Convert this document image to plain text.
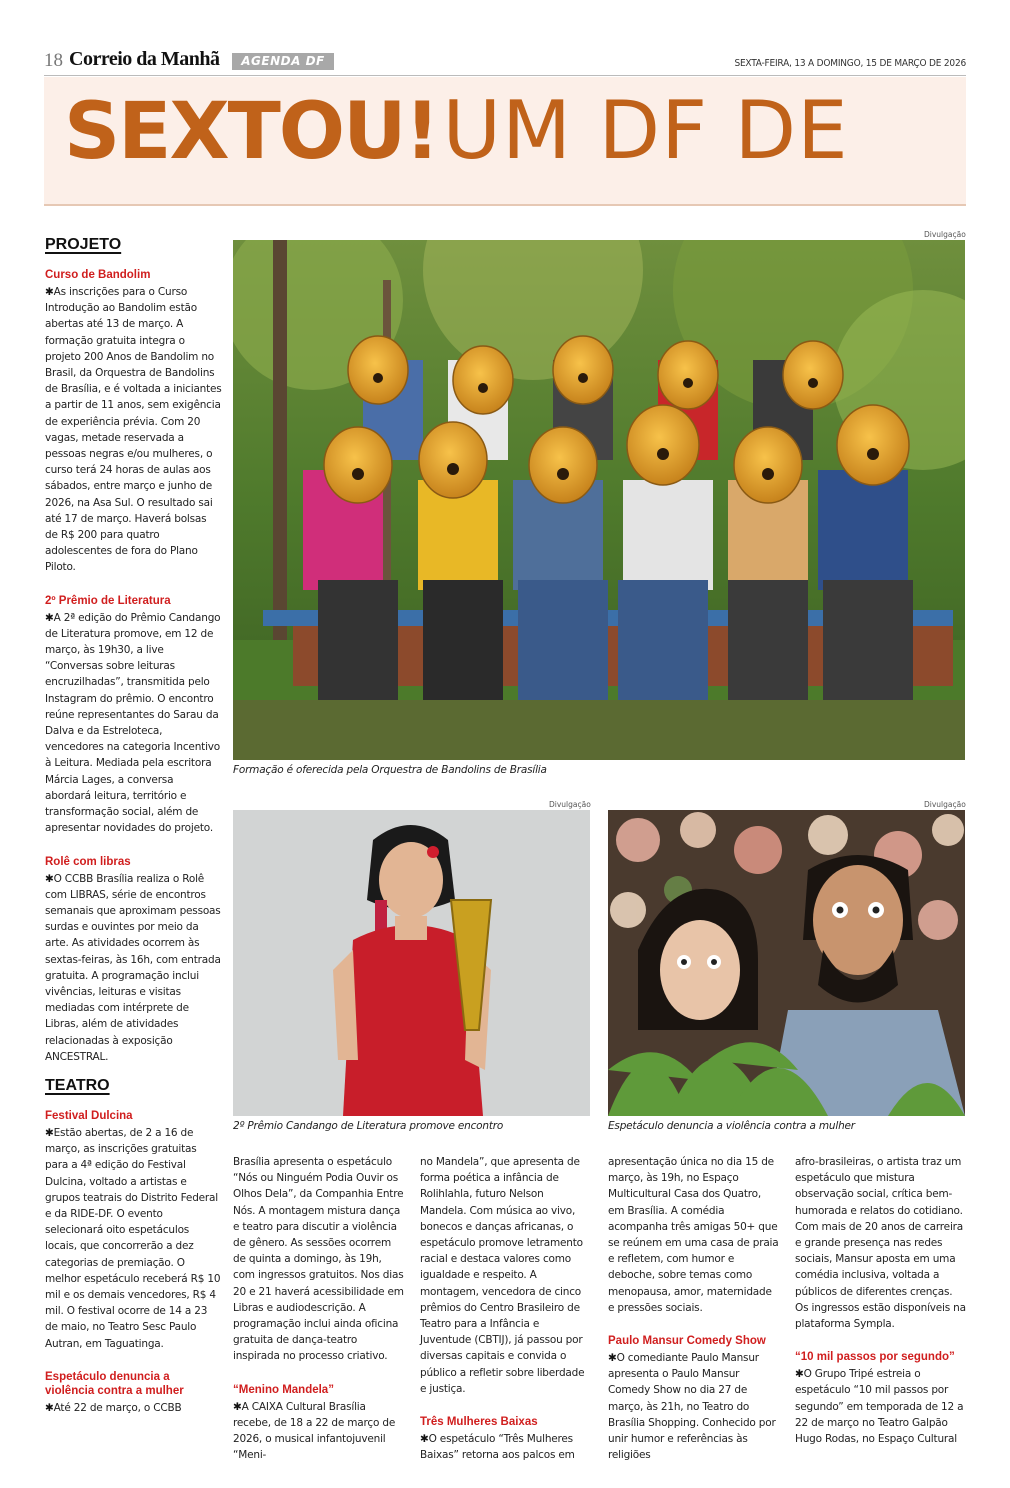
18 Correio da Manhã	AGENDA DF	SEXTA-FEIRA, 13 A DOMINGO, 15 DE MARÇO DE 2026
SEXTOU! UM DF DE
PROJETO
Curso de Bandolim

✱As inscrições para o Curso Introdução ao Bandolim estão abertas até 13 de março. A formação gratuita integra o projeto 200 Anos de Bandolim no Brasil, da Orquestra de Bandolins de Brasília, e é voltada a iniciantes a partir de 11 anos, sem exigência de experiência prévia. Com 20 vagas, metade reservada a pessoas negras e/ou mulheres, o curso terá 24 horas de aulas aos sábados, entre março e junho de 2026, na Asa Sul. O resultado sai até 17 de março. Haverá bolsas de R$ 200 para quatro adolescentes de fora do Plano Piloto.

2º Prêmio de Literatura

✱A 2ª edição do Prêmio Candango de Literatura promove, em 12 de março, às 19h30, a live “Conversas sobre leituras encruzilhadas”, transmitida pelo Instagram do prêmio. O encontro reúne representantes do Sarau da Dalva e da Estreloteca, vencedores na categoria Incentivo à Leitura. Mediada pela escritora Márcia Lages, a conversa abordará leitura, território e transformação social, além de apresentar novidades do projeto.

Rolê com libras

✱O CCBB Brasília realiza o Rolê com LIBRAS, série de encontros semanais que aproximam pessoas surdas e ouvintes por meio da arte. As atividades ocorrem às sextas-feiras, às 16h, com entrada gratuita. A programação inclui vivências, leituras e visitas mediadas com intérprete de Libras, além de atividades relacionadas à exposição ANCESTRAL.

TEATRO
Festival Dulcina

✱Estão abertas, de 2 a 16 de março, as inscrições gratuitas para a 4ª edição do Festival Dulcina, voltado a artistas e grupos teatrais do Distrito Federal e da RIDE-DF. O evento selecionará oito espetáculos locais, que concorrerão a dez categorias de premiação. O melhor espetáculo receberá R$ 10 mil e os demais vencedores, R$ 4 mil. O festival ocorre de 14 a 23 de maio, no Teatro Sesc Paulo Autran, em Taguatinga.

Espetáculo denuncia a violência contra a mulher

✱Até 22 de março, o CCBB

Divulgação
Formação é oferecida pela Orquestra de Bandolins de Brasília
Divulgação
2º Prêmio Candango de Literatura promove encontro
Divulgação
Espetáculo denuncia a violência contra a mulher

Brasília apresenta o espetáculo “Nós ou Ninguém Podia Ouvir os Olhos Dela”, da Companhia Entre Nós. A montagem mistura dança e teatro para discutir a violência de gênero. As sessões ocorrem de quinta a domingo, às 19h, com ingressos gratuitos. Nos dias 20 e 21 haverá acessibilidade em Libras e audiodescrição. A programação inclui ainda oficina gratuita de dança-teatro inspirada no processo criativo.

“Menino Mandela”

✱A CAIXA Cultural Brasília recebe, de 18 a 22 de março de 2026, o musical infantojuvenil “Meni-

no Mandela”, que apresenta de forma poética a infância de Rolihlahla, futuro Nelson Mandela. Com música ao vivo, bonecos e danças africanas, o espetáculo promove letramento racial e destaca valores como igualdade e respeito. A montagem, vencedora de cinco prêmios do Centro Brasileiro de Teatro para a Infância e Juventude (CBTIJ), já passou por diversas capitais e convida o público a refletir sobre liberdade e justiça.

Três Mulheres Baixas

✱O espetáculo “Três Mulheres Baixas” retorna aos palcos em

apresentação única no dia 15 de março, às 19h, no Espaço Multicultural Casa dos Quatro, em Brasília. A comédia acompanha três amigas 50+ que se reúnem em uma casa de praia e refletem, com humor e deboche, sobre temas como menopausa, amor, maternidade e pressões sociais.

Paulo Mansur Comedy Show

✱O comediante Paulo Mansur apresenta o Paulo Mansur Comedy Show no dia 27 de março, às 21h, no Teatro do Brasília Shopping. Conhecido por unir humor e referências às religiões

afro-brasileiras, o artista traz um espetáculo que mistura observação social, crítica bem-humorada e relatos do cotidiano. Com mais de 20 anos de carreira e grande presença nas redes sociais, Mansur aposta em uma comédia inclusiva, voltada a públicos de diferentes crenças. Os ingressos estão disponíveis na plataforma Sympla.

“10 mil passos por segundo”

✱O Grupo Tripé estreia o espetáculo “10 mil passos por segundo” em temporada de 12 a 22 de março no Teatro Galpão Hugo Rodas, no Espaço Cultural
